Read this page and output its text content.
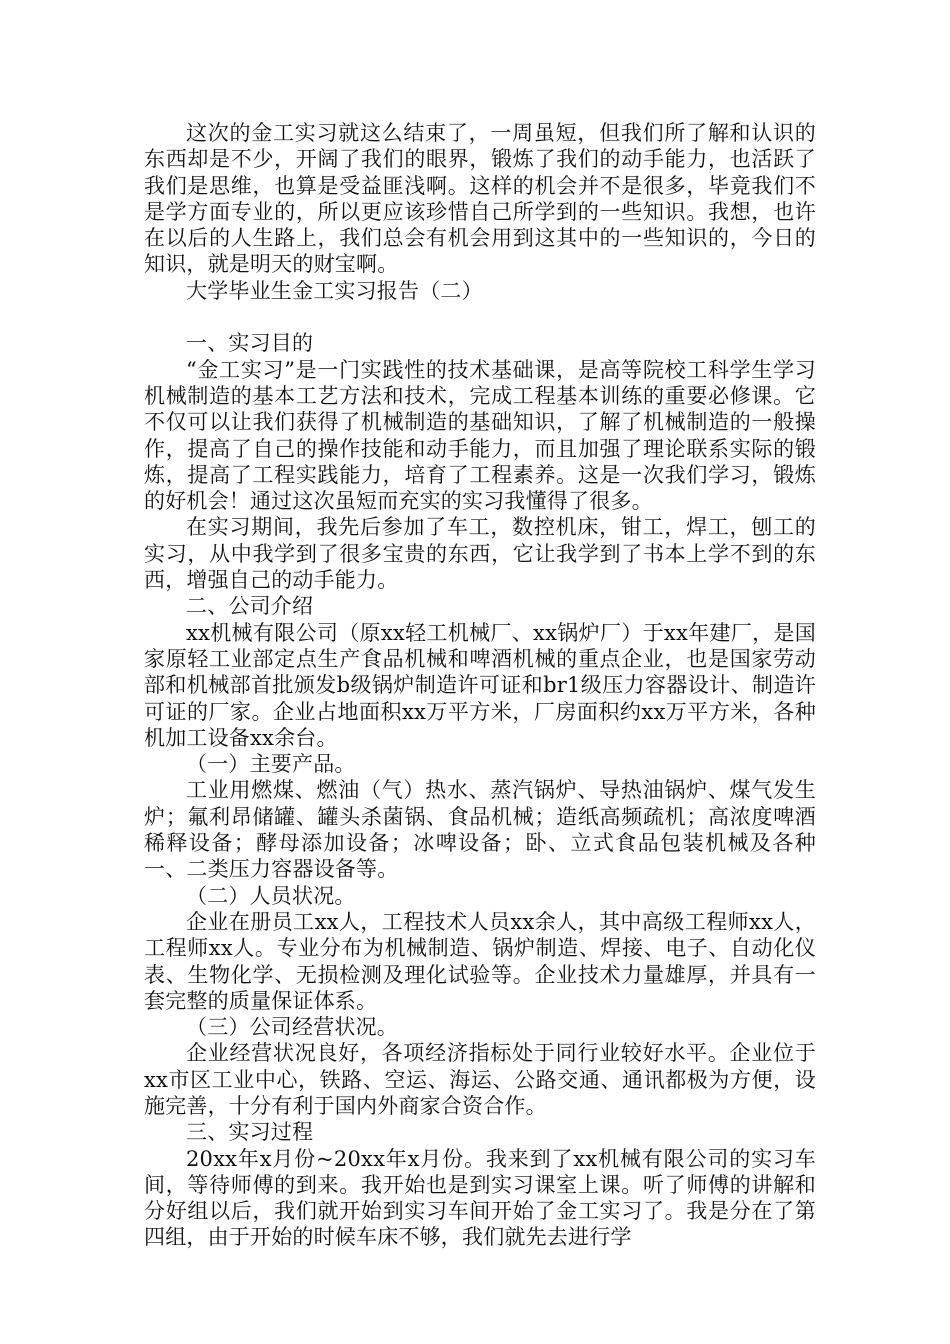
这次的金工实习就这么结束了，一周虽短，但我们所了解和认识的东西却是不少，开阔了我们的眼界，锻炼了我们的动手能力，也活跃了我们是思维，也算是受益匪浅啊。这样的机会并不是很多，毕竟我们不是学方面专业的，所以更应该珍惜自己所学到的一些知识。我想，也许在以后的人生路上，我们总会有机会用到这其中的一些知识的，今日的知识，就是明天的财宝啊。

大学毕业生金工实习报告（二）

一、实习目的

“金工实习”是一门实践性的技术基础课，是高等院校工科学生学习机械制造的基本工艺方法和技术，完成工程基本训练的重要必修课。它不仅可以让我们获得了机械制造的基础知识，了解了机械制造的一般操作，提高了自己的操作技能和动手能力，而且加强了理论联系实际的锻炼，提高了工程实践能力，培育了工程素养。这是一次我们学习，锻炼的好机会！通过这次虽短而充实的实习我懂得了很多。

在实习期间，我先后参加了车工，数控机床，钳工，焊工，刨工的实习，从中我学到了很多宝贵的东西，它让我学到了书本上学不到的东西，增强自己的动手能力。

二、公司介绍

xx机械有限公司（原xx轻工机械厂、xx锅炉厂）于xx年建厂，是国家原轻工业部定点生产食品机械和啤酒机械的重点企业，也是国家劳动部和机械部首批颁发b级锅炉制造许可证和br1级压力容器设计、制造许可证的厂家。企业占地面积xx万平方米，厂房面积约xx万平方米，各种机加工设备xx余台。

（一）主要产品。

工业用燃煤、燃油（气）热水、蒸汽锅炉、导热油锅炉、煤气发生炉；氟利昂储罐、罐头杀菌锅、食品机械；造纸高频疏机；高浓度啤酒稀释设备；酵母添加设备；冰啤设备；卧、立式食品包装机械及各种一、二类压力容器设备等。

（二）人员状况。

企业在册员工xx人，工程技术人员xx余人，其中高级工程师xx人，工程师xx人。专业分布为机械制造、锅炉制造、焊接、电子、自动化仪表、生物化学、无损检测及理化试验等。企业技术力量雄厚，并具有一套完整的质量保证体系。

（三）公司经营状况。

企业经营状况良好，各项经济指标处于同行业较好水平。企业位于xx市区工业中心，铁路、空运、海运、公路交通、通讯都极为方便，设施完善，十分有利于国内外商家合资合作。

三、实习过程

20xx年x月份~20xx年x月份。我来到了xx机械有限公司的实习车间，等待师傅的到来。我开始也是到实习课室上课。听了师傅的讲解和分好组以后，我们就开始到实习车间开始了金工实习了。我是分在了第四组，由于开始的时候车床不够，我们就先去进行学
